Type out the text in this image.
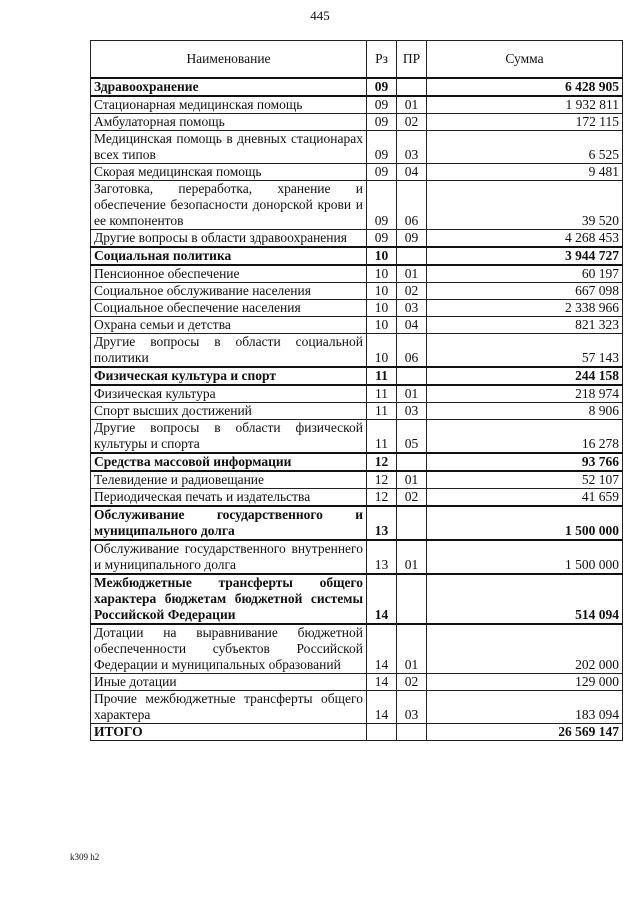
445
Наименование	Рз	ПР	Сумма
Здравоохранение	09		6 428 905
Стационарная медицинская помощь	09	01	1 932 811
Амбулаторная помощь	09	02	172 115
Медицинская помощь в дневных стационарах всех типов	09	03	6 525
Скорая медицинская помощь	09	04	9 481
Заготовка, переработка, хранение и обеспечение безопасности донорской крови и ее компонентов	09	06	39 520
Другие вопросы в области здравоохранения	09	09	4 268 453
Социальная политика	10		3 944 727
Пенсионное обеспечение	10	01	60 197
Социальное обслуживание населения	10	02	667 098
Социальное обеспечение населения	10	03	2 338 966
Охрана семьи и детства	10	04	821 323
Другие вопросы в области социальной политики	10	06	57 143
Физическая культура и спорт	11		244 158
Физическая культура	11	01	218 974
Спорт высших достижений	11	03	8 906
Другие вопросы в области физической культуры и спорта	11	05	16 278
Средства массовой информации	12		93 766
Телевидение и радиовещание	12	01	52 107
Периодическая печать и издательства	12	02	41 659
Обслуживание государственного и муниципального долга	13		1 500 000
Обслуживание государственного внутреннего и муниципального долга	13	01	1 500 000
Межбюджетные трансферты общего характера бюджетам бюджетной системы Российской Федерации	14		514 094
Дотации на выравнивание бюджетной обеспеченности субъектов Российской Федерации и муниципальных образований	14	01	202 000
Иные дотации	14	02	129 000
Прочие межбюджетные трансферты общего характера	14	03	183 094
ИТОГО			26 569 147
k309 h2
